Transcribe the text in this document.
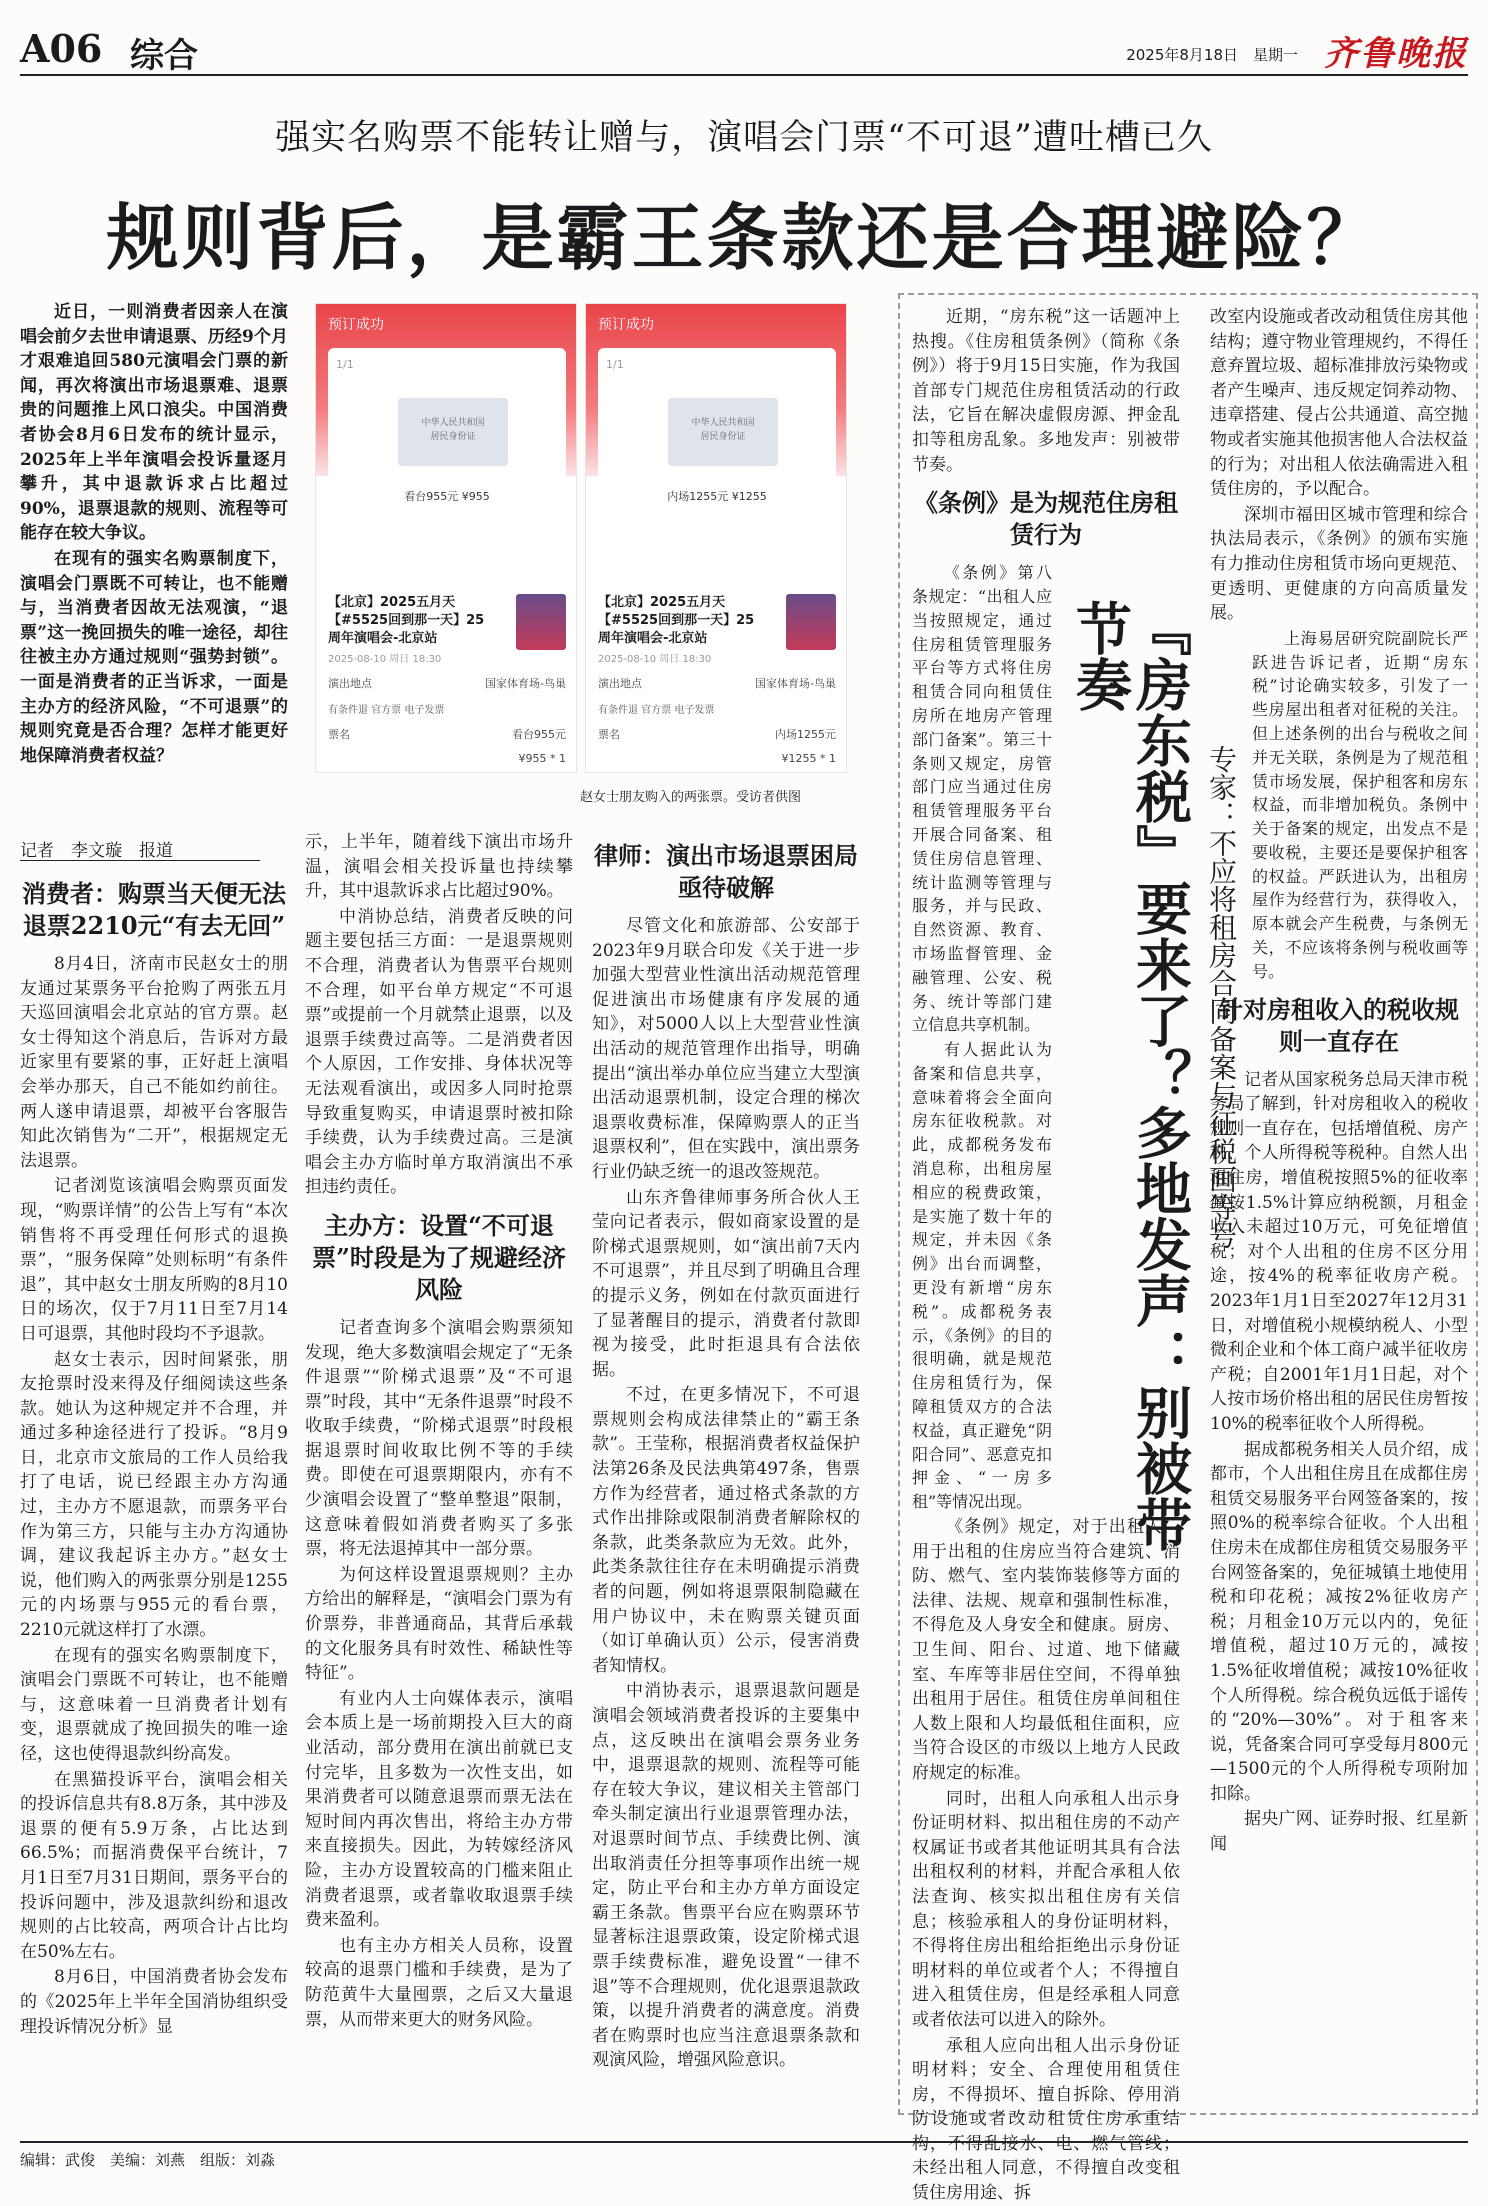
A06 综合	2025年8月18日 星期一 齐鲁晚报
强实名购票不能转让赠与，演唱会门票“不可退”遭吐槽已久
规则背后，是霸王条款还是合理避险？

近日，一则消费者因亲人在演唱会前夕去世申请退票、历经9个月才艰难追回580元演唱会门票的新闻，再次将演出市场退票难、退票贵的问题推上风口浪尖。中国消费者协会8月6日发布的统计显示，2025年上半年演唱会投诉量逐月攀升，其中退款诉求占比超过90%，退票退款的规则、流程等可能存在较大争议。

在现有的强实名购票制度下，演唱会门票既不可转让，也不能赠与，当消费者因故无法观演，“退票”这一挽回损失的唯一途径，却往往被主办方通过规则“强势封锁”。一面是消费者的正当诉求，一面是主办方的经济风险，“不可退票”的规则究竟是否合理？怎样才能更好地保障消费者权益？

预订成功
1/1
中华人民共和国
居民身份证
看台955元 ¥955
【北京】2025五月天【#5525回到那一天】25周年演唱会-北京站
2025-08-10 周日 18:30
演出地点	国家体育场-鸟巢
有条件退 官方票 电子发票
票名	看台955元
¥955 * 1
预订成功
1/1
中华人民共和国
居民身份证
内场1255元 ¥1255
【北京】2025五月天【#5525回到那一天】25周年演唱会-北京站
2025-08-10 周日 18:30
演出地点	国家体育场-鸟巢
有条件退 官方票 电子发票
票名	内场1255元
¥1255 * 1
赵女士朋友购入的两张票。受访者供图
记者　李文璇　报道
消费者：购票当天便无法退票2210元“有去无回”

8月4日，济南市民赵女士的朋友通过某票务平台抢购了两张五月天巡回演唱会北京站的官方票。赵女士得知这个消息后，告诉对方最近家里有要紧的事，正好赶上演唱会举办那天，自己不能如约前往。两人遂申请退票，却被平台客服告知此次销售为“二开”，根据规定无法退票。

记者浏览该演唱会购票页面发现，“购票详情”的公告上写有“本次销售将不再受理任何形式的退换票”，“服务保障”处则标明“有条件退”，其中赵女士朋友所购的8月10日的场次，仅于7月11日至7月14日可退票，其他时段均不予退款。

赵女士表示，因时间紧张，朋友抢票时没来得及仔细阅读这些条款。她认为这种规定并不合理，并通过多种途径进行了投诉。“8月9日，北京市文旅局的工作人员给我打了电话，说已经跟主办方沟通过，主办方不愿退款，而票务平台作为第三方，只能与主办方沟通协调，建议我起诉主办方。”赵女士说，他们购入的两张票分别是1255元的内场票与955元的看台票，2210元就这样打了水漂。

在现有的强实名购票制度下，演唱会门票既不可转让，也不能赠与，这意味着一旦消费者计划有变，退票就成了挽回损失的唯一途径，这也使得退款纠纷高发。

在黑猫投诉平台，演唱会相关的投诉信息共有8.8万条，其中涉及退票的便有5.9万条，占比达到66.5%；而据消费保平台统计，7月1日至7月31日期间，票务平台的投诉问题中，涉及退款纠纷和退改规则的占比较高，两项合计占比均在50%左右。

8月6日，中国消费者协会发布的《2025年上半年全国消协组织受理投诉情况分析》显

示，上半年，随着线下演出市场升温，演唱会相关投诉量也持续攀升，其中退款诉求占比超过90%。

中消协总结，消费者反映的问题主要包括三方面：一是退票规则不合理，消费者认为售票平台规则不合理，如平台单方规定“不可退票”或提前一个月就禁止退票，以及退票手续费过高等。二是消费者因个人原因，工作安排、身体状况等无法观看演出，或因多人同时抢票导致重复购买，申请退票时被扣除手续费，认为手续费过高。三是演唱会主办方临时单方取消演出不承担违约责任。

主办方：设置“不可退票”时段是为了规避经济风险

记者查询多个演唱会购票须知发现，绝大多数演唱会规定了“无条件退票”“阶梯式退票”及“不可退票”时段，其中“无条件退票”时段不收取手续费，“阶梯式退票”时段根据退票时间收取比例不等的手续费。即使在可退票期限内，亦有不少演唱会设置了“整单整退”限制，这意味着假如消费者购买了多张票，将无法退掉其中一部分票。

为何这样设置退票规则？主办方给出的解释是，“演唱会门票为有价票券，非普通商品，其背后承载的文化服务具有时效性、稀缺性等特征”。

有业内人士向媒体表示，演唱会本质上是一场前期投入巨大的商业活动，部分费用在演出前就已支付完毕，且多数为一次性支出，如果消费者可以随意退票而票无法在短时间内再次售出，将给主办方带来直接损失。因此，为转嫁经济风险，主办方设置较高的门槛来阻止消费者退票，或者靠收取退票手续费来盈利。

也有主办方相关人员称，设置较高的退票门槛和手续费，是为了防范黄牛大量囤票，之后又大量退票，从而带来更大的财务风险。

律师：演出市场退票困局亟待破解

尽管文化和旅游部、公安部于2023年9月联合印发《关于进一步加强大型营业性演出活动规范管理促进演出市场健康有序发展的通知》，对5000人以上大型营业性演出活动的规范管理作出指导，明确提出“演出举办单位应当建立大型演出活动退票机制，设定合理的梯次退票收费标准，保障购票人的正当退票权利”，但在实践中，演出票务行业仍缺乏统一的退改签规范。

山东齐鲁律师事务所合伙人王莹向记者表示，假如商家设置的是阶梯式退票规则，如“演出前7天内不可退票”，并且尽到了明确且合理的提示义务，例如在付款页面进行了显著醒目的提示，消费者付款即视为接受，此时拒退具有合法依据。

不过，在更多情况下，不可退票规则会构成法律禁止的“霸王条款”。王莹称，根据消费者权益保护法第26条及民法典第497条，售票方作为经营者，通过格式条款的方式作出排除或限制消费者解除权的条款，此类条款应为无效。此外，此类条款往往存在未明确提示消费者的问题，例如将退票限制隐藏在用户协议中，未在购票关键页面（如订单确认页）公示，侵害消费者知情权。

中消协表示，退票退款问题是演唱会领域消费者投诉的主要集中点，这反映出在演唱会票务业务中，退票退款的规则、流程等可能存在较大争议，建议相关主管部门牵头制定演出行业退票管理办法，对退票时间节点、手续费比例、演出取消责任分担等事项作出统一规定，防止平台和主办方单方面设定霸王条款。售票平台应在购票环节显著标注退票政策，设定阶梯式退票手续费标准，避免设置“一律不退”等不合理规则，优化退票退款政策，以提升消费者的满意度。消费者在购票时也应当注意退票条款和观演风险，增强风险意识。

近期，“房东税”这一话题冲上热搜。《住房租赁条例》（简称《条例》）将于9月15日实施，作为我国首部专门规范住房租赁活动的行政法，它旨在解决虚假房源、押金乱扣等租房乱象。多地发声：别被带节奏。

《条例》是为规范住房租赁行为

《条例》第八条规定：“出租人应当按照规定，通过住房租赁管理服务平台等方式将住房租赁合同向租赁住房所在地房产管理部门备案”。第三十条则又规定，房管部门应当通过住房租赁管理服务平台开展合同备案、租赁住房信息管理、统计监测等管理与服务，并与民政、自然资源、教育、市场监督管理、金融管理、公安、税务、统计等部门建立信息共享机制。

有人据此认为备案和信息共享，意味着将会全面向房东征收税款。对此，成都税务发布消息称，出租房屋相应的税费政策，是实施了数十年的规定，并未因《条例》出台而调整，更没有新增“房东税”。成都税务表示，《条例》的目的很明确，就是规范住房租赁行为，保障租赁双方的合法权益，真正避免“阴阳合同”、恶意克扣押金、“一房多租”等情况出现。

《条例》规定，对于出租人，用于出租的住房应当符合建筑、消防、燃气、室内装饰装修等方面的法律、法规、规章和强制性标准，不得危及人身安全和健康。厨房、卫生间、阳台、过道、地下储藏室、车库等非居住空间，不得单独出租用于居住。租赁住房单间租住人数上限和人均最低租住面积，应当符合设区的市级以上地方人民政府规定的标准。

同时，出租人向承租人出示身份证明材料、拟出租住房的不动产权属证书或者其他证明其具有合法出租权利的材料，并配合承租人依法查询、核实拟出租住房有关信息；核验承租人的身份证明材料，不得将住房出租给拒绝出示身份证明材料的单位或者个人；不得擅自进入租赁住房，但是经承租人同意或者依法可以进入的除外。

承租人应向出租人出示身份证明材料；安全、合理使用租赁住房，不得损坏、擅自拆除、停用消防设施或者改动租赁住房承重结构，不得乱接水、电、燃气管线；未经出租人同意，不得擅自改变租赁住房用途、拆

『房东税』要来了？多地发声：别被带节奏
专家：不应将租房合同备案与征税画等号

改室内设施或者改动租赁住房其他结构；遵守物业管理规约，不得任意弃置垃圾、超标准排放污染物或者产生噪声、违反规定饲养动物、违章搭建、侵占公共通道、高空抛物或者实施其他损害他人合法权益的行为；对出租人依法确需进入租赁住房的，予以配合。

深圳市福田区城市管理和综合执法局表示，《条例》的颁布实施有力推动住房租赁市场向更规范、更透明、更健康的方向高质量发展。

上海易居研究院副院长严跃进告诉记者，近期“房东税”讨论确实较多，引发了一些房屋出租者对征税的关注。但上述条例的出台与税收之间并无关联，条例是为了规范租赁市场发展，保护租客和房东权益，而非增加税负。条例中关于备案的规定，出发点不是要收税，主要还是要保护租客的权益。严跃进认为，出租房屋作为经营行为，获得收入，原本就会产生税费，与条例无关，不应该将条例与税收画等号。

针对房租收入的税收规则一直存在

记者从国家税务总局天津市税务局了解到，针对房租收入的税收规则一直存在，包括增值税、房产税、个人所得税等税种。自然人出租住房，增值税按照5%的征收率减按1.5%计算应纳税额，月租金收入未超过10万元，可免征增值税；对个人出租的住房不区分用途，按4%的税率征收房产税。2023年1月1日至2027年12月31日，对增值税小规模纳税人、小型微利企业和个体工商户减半征收房产税；自2001年1月1日起，对个人按市场价格出租的居民住房暂按10%的税率征收个人所得税。

据成都税务相关人员介绍，成都市，个人出租住房且在成都住房租赁交易服务平台网签备案的，按照0%的税率综合征收。个人出租住房未在成都住房租赁交易服务平台网签备案的，免征城镇土地使用税和印花税；减按2%征收房产税；月租金10万元以内的，免征增值税，超过10万元的，减按1.5%征收增值税；减按10%征收个人所得税。综合税负远低于谣传的“20%—30%”。对于租客来说，凭备案合同可享受每月800元—1500元的个人所得税专项附加扣除。

据央广网、证券时报、红星新闻

编辑：武俊　美编：刘燕　组版：刘淼
